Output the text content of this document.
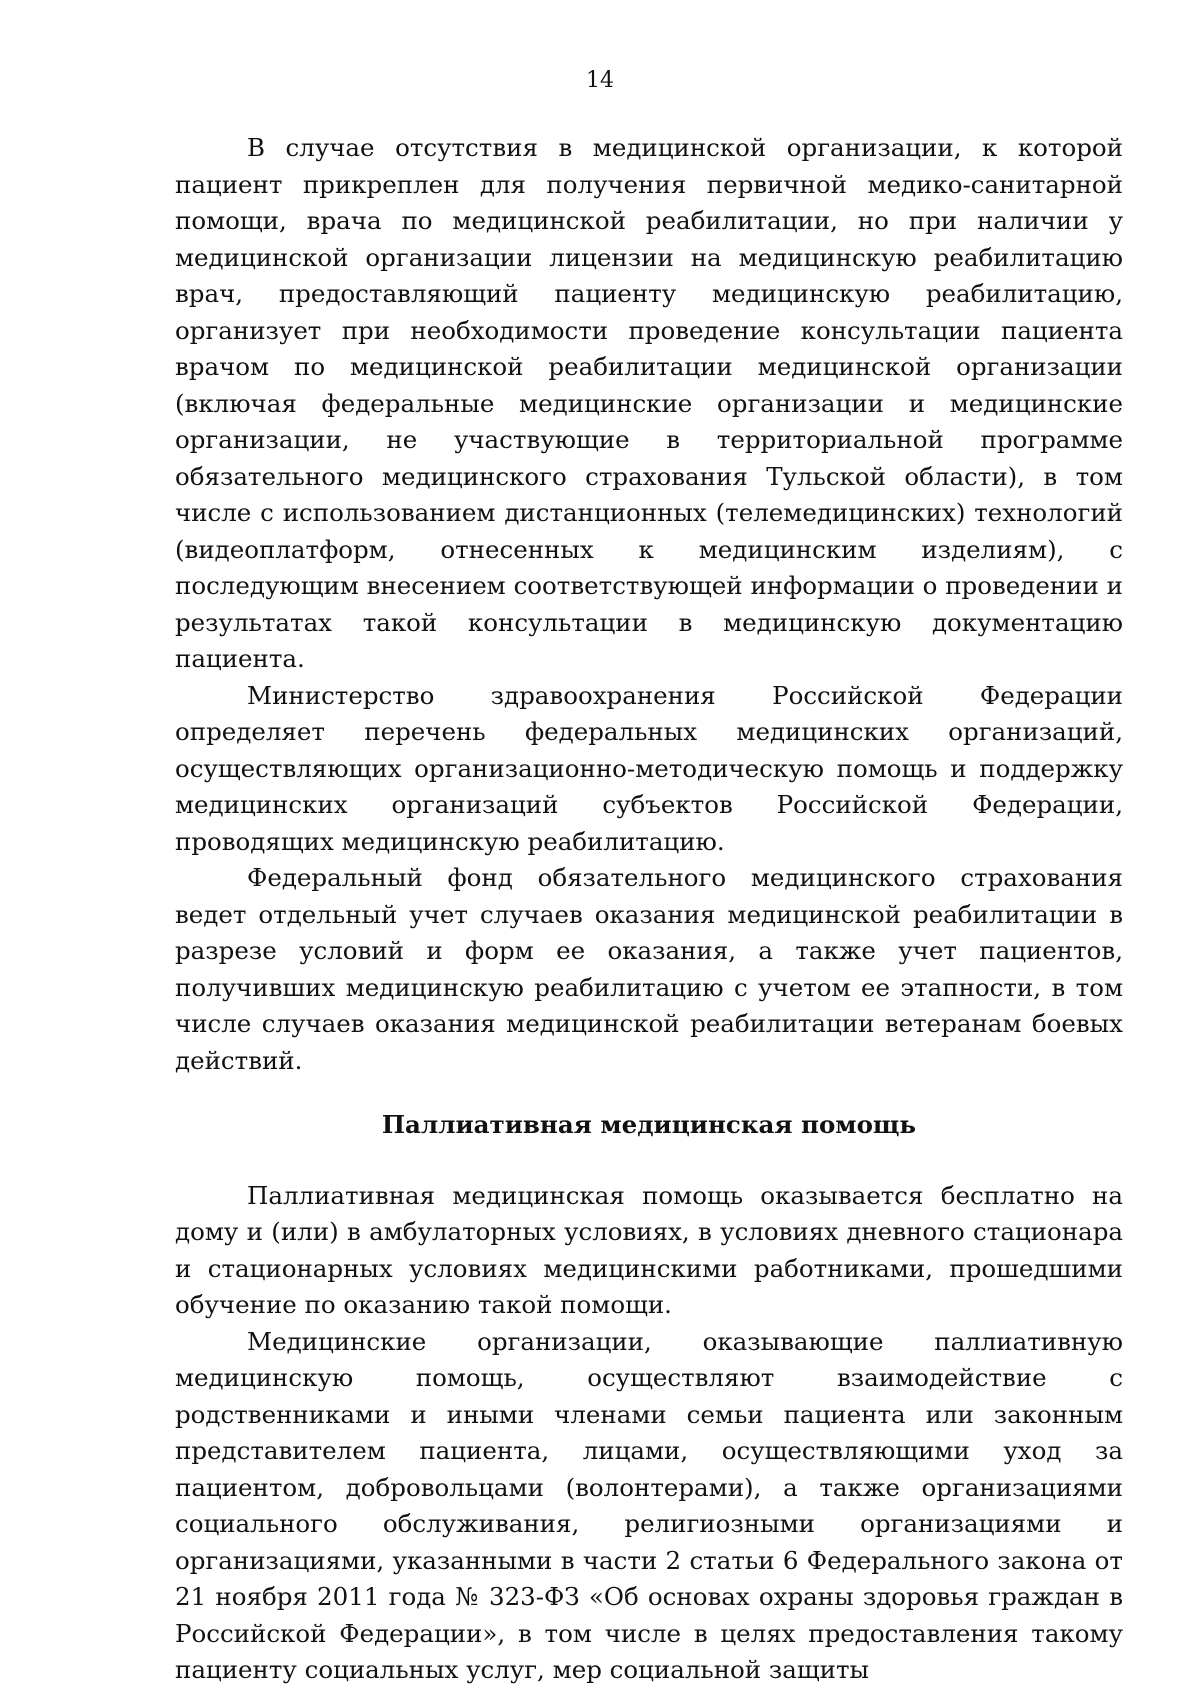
14

В случае отсутствия в медицинской организации, к которой пациент прикреплен для получения первичной медико-санитарной помощи, врача по медицинской реабилитации, но при наличии у медицинской организации лицензии на медицинскую реабилитацию врач, предоставляющий пациенту медицинскую реабилитацию, организует при необходимости проведение консультации пациента врачом по медицинской реабилитации медицинской организации (включая федеральные медицинские организации и медицинские организации, не участвующие в территориальной программе обязательного медицинского страхования Тульской области), в том числе с использованием дистанционных (телемедицинских) технологий (видеоплатформ, отнесенных к медицинским изделиям), с последующим внесением соответствующей информации о проведении и результатах такой консультации в медицинскую документацию пациента.

Министерство здравоохранения Российской Федерации определяет перечень федеральных медицинских организаций, осуществляющих организационно-методическую помощь и поддержку медицинских организаций субъектов Российской Федерации, проводящих медицинскую реабилитацию.

Федеральный фонд обязательного медицинского страхования ведет отдельный учет случаев оказания медицинской реабилитации в разрезе условий и форм ее оказания, а также учет пациентов, получивших медицинскую реабилитацию с учетом ее этапности, в том числе случаев оказания медицинской реабилитации ветеранам боевых действий.

Паллиативная медицинская помощь

Паллиативная медицинская помощь оказывается бесплатно на дому и (или) в амбулаторных условиях, в условиях дневного стационара и стационарных условиях медицинскими работниками, прошедшими обучение по оказанию такой помощи.

Медицинские организации, оказывающие паллиативную медицинскую помощь, осуществляют взаимодействие с родственниками и иными членами семьи пациента или законным представителем пациента, лицами, осуществляющими уход за пациентом, добровольцами (волонтерами), а также организациями социального обслуживания, религиозными организациями и организациями, указанными в части 2 статьи 6 Федерального закона от 21 ноября 2011 года № 323-ФЗ «Об основах охраны здоровья граждан в Российской Федерации», в том числе в целях предоставления такому пациенту социальных услуг, мер социальной защиты
